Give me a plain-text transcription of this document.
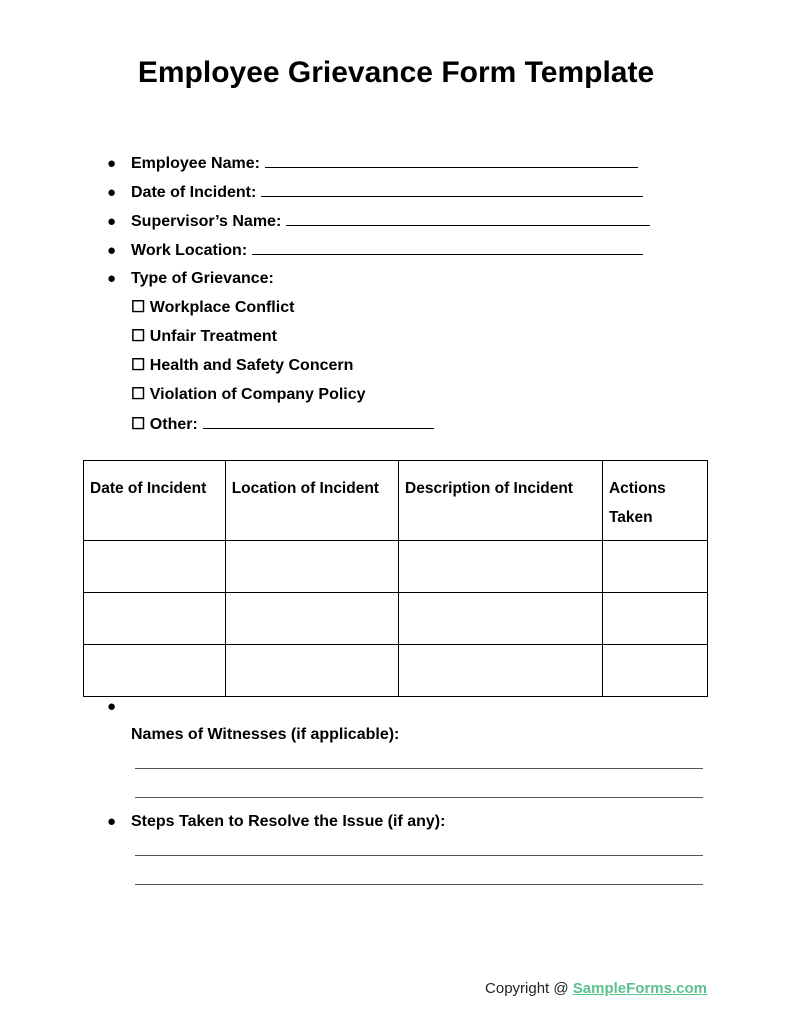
Employee Grievance Form Template
● Employee Name:
● Date of Incident:
● Supervisor’s Name:
● Work Location:
● Type of Grievance:
☐ Workplace Conflict
☐ Unfair Treatment
☐ Health and Safety Concern
☐ Violation of Company Policy
☐ Other:
Date of Incident	Location of Incident	Description of Incident	Actions Taken

●
Names of Witnesses (if applicable):
● Steps Taken to Resolve the Issue (if any):
Copyright @ SampleForms.com
